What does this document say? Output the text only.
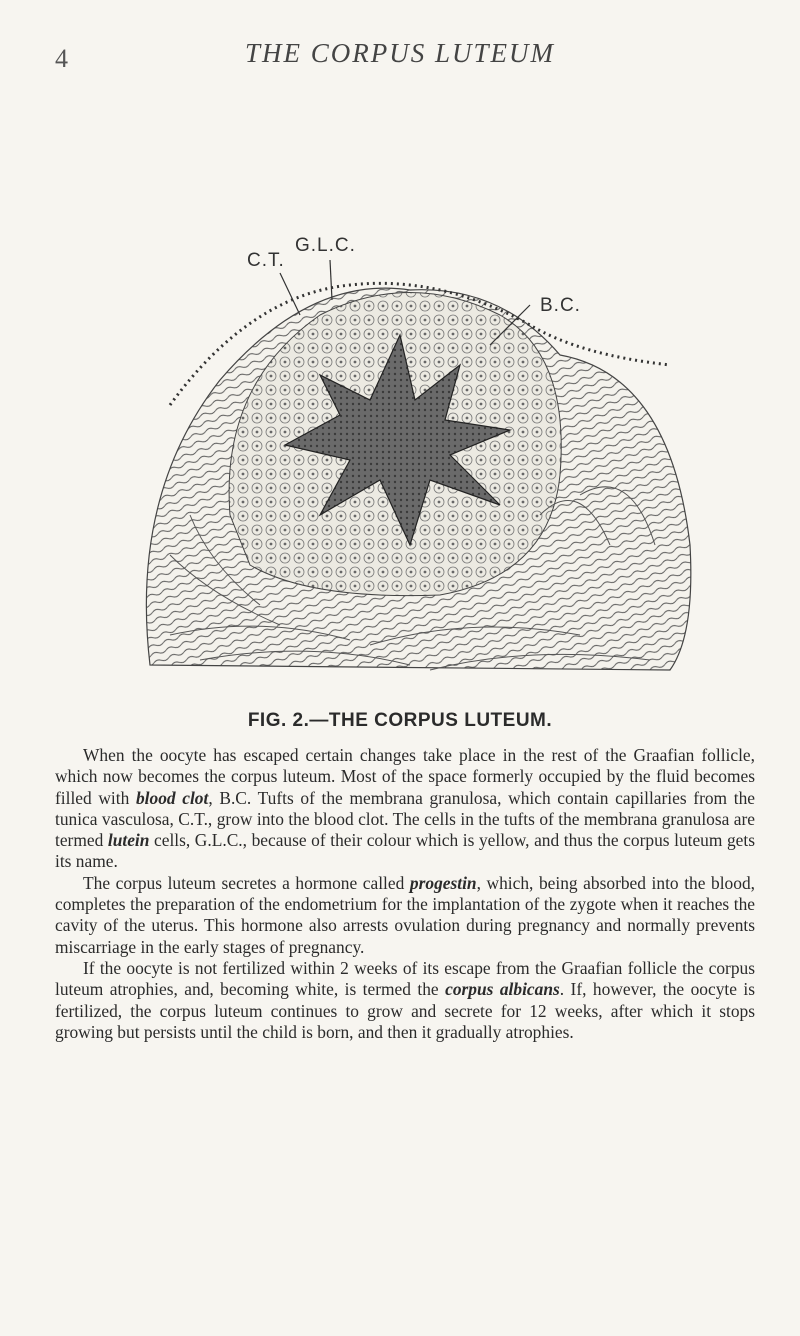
4	THE CORPUS LUTEUM
G.L.C.
C.T.
B.C.
FIG. 2.—THE CORPUS LUTEUM.

When the oocyte has escaped certain changes take place in the rest of the Graafian follicle, which now becomes the corpus luteum. Most of the space formerly occupied by the fluid becomes filled with blood clot, B.C. Tufts of the membrana granulosa, which contain capillaries from the tunica vasculosa, C.T., grow into the blood clot. The cells in the tufts of the membrana granulosa are termed lutein cells, G.L.C., because of their colour which is yellow, and thus the corpus luteum gets its name.

The corpus luteum secretes a hormone called progestin, which, being absorbed into the blood, completes the preparation of the endometrium for the implantation of the zygote when it reaches the cavity of the uterus. This hormone also arrests ovulation during pregnancy and normally prevents miscarriage in the early stages of pregnancy.

If the oocyte is not fertilized within 2 weeks of its escape from the Graafian follicle the corpus luteum atrophies, and, becoming white, is termed the corpus albicans. If, however, the oocyte is fertilized, the corpus luteum continues to grow and secrete for 12 weeks, after which it stops growing but persists until the child is born, and then it gradually atrophies.
